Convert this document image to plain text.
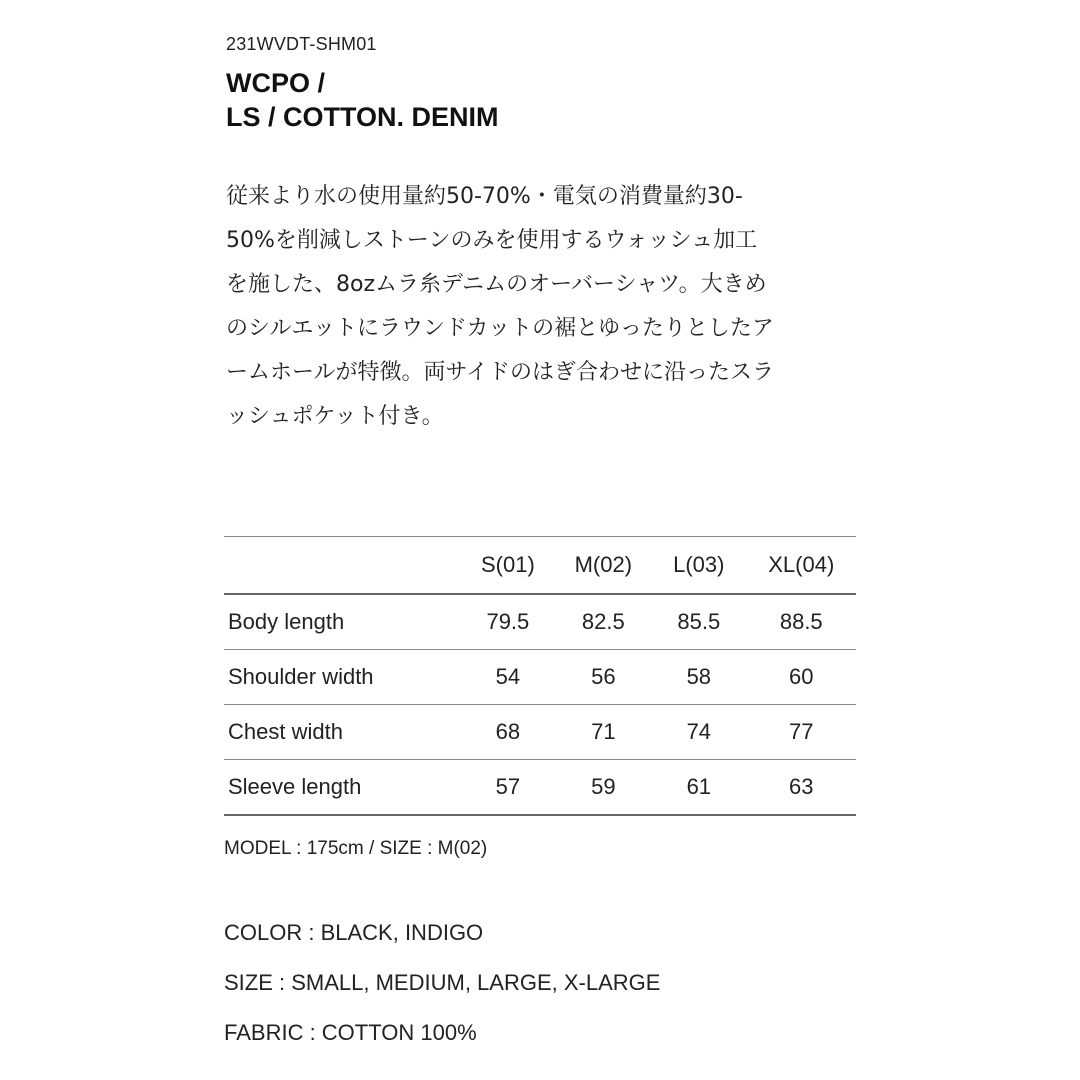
231WVDT-SHM01
WCPO /
LS / COTTON. DENIM
従来より水の使用量約50-70%・電気の消費量約30-
50%を削減しストーンのみを使用するウォッシュ加工
を施した、8ozムラ糸デニムのオーバーシャツ。大きめ
のシルエットにラウンドカットの裾とゆったりとしたア
ームホールが特徴。両サイドのはぎ合わせに沿ったスラ
ッシュポケット付き。
	S(01)	M(02)	L(03)	XL(04)
Body length	79.5	82.5	85.5	88.5
Shoulder width	54	56	58	60
Chest width	68	71	74	77
Sleeve length	57	59	61	63
MODEL : 175cm / SIZE : M(02)
COLOR : BLACK, INDIGO
SIZE : SMALL, MEDIUM, LARGE, X-LARGE
FABRIC : COTTON 100%
